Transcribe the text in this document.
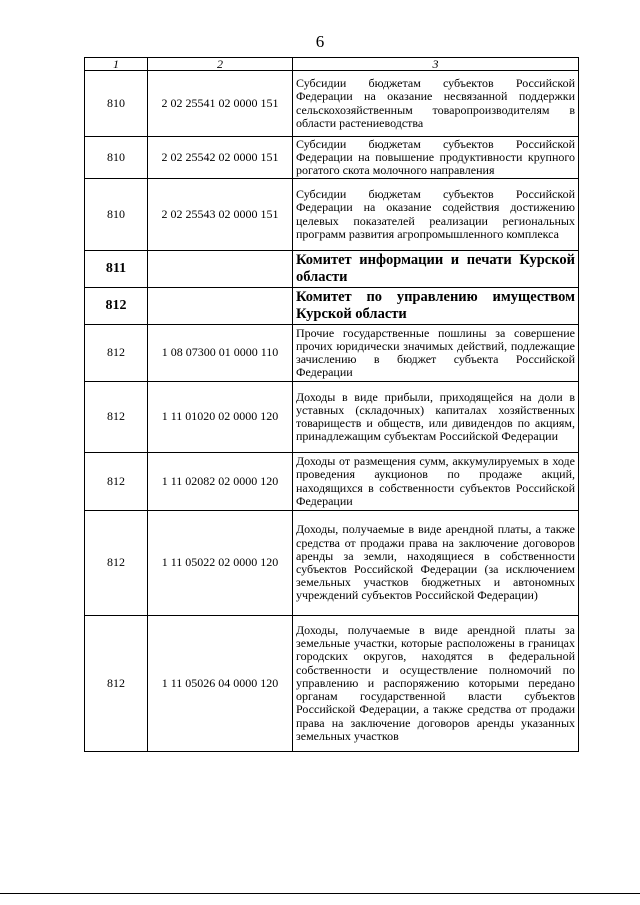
6
1	2	3
810	2 02 25541 02 0000 151	Субсидии бюджетам субъектов Российской Федерации на оказание несвязанной поддержки сельскохозяйственным товаропроизводителям в области растениеводства
810	2 02 25542 02 0000 151	Субсидии бюджетам субъектов Российской Федерации на повышение продуктивности крупного рогатого скота молочного направления
810	2 02 25543 02 0000 151	Субсидии бюджетам субъектов Российской Федерации на оказание содействия достижению целевых показателей реализации региональных программ развития агропромышленного комплекса
811		Комитет информации и печати Курской области
812		Комитет по управлению имуществом Курской области
812	1 08 07300 01 0000 110	Прочие государственные пошлины за совершение прочих юридически значимых действий, подлежащие зачислению в бюджет субъекта Российской Федерации
812	1 11 01020 02 0000 120	Доходы в виде прибыли, приходящейся на доли в уставных (складочных) капиталах хозяйственных товариществ и обществ, или дивидендов по акциям, принадлежащим субъектам Российской Федерации
812	1 11 02082 02 0000 120	Доходы от размещения сумм, аккумулируемых в ходе проведения аукционов по продаже акций, находящихся в собственности субъектов Российской Федерации
812	1 11 05022 02 0000 120	Доходы, получаемые в виде арендной платы, а также средства от продажи права на заключение договоров аренды за земли, находящиеся в собственности субъектов Российской Федерации (за исключением земельных участков бюджетных и автономных учреждений субъектов Российской Федерации)
812	1 11 05026 04 0000 120	Доходы, получаемые в виде арендной платы за земельные участки, которые расположены в границах городских округов, находятся в федеральной собственности и осуществление полномочий по управлению и распоряжению которыми передано органам государственной власти субъектов Российской Федерации, а также средства от продажи права на заключение договоров аренды указанных земельных участков
